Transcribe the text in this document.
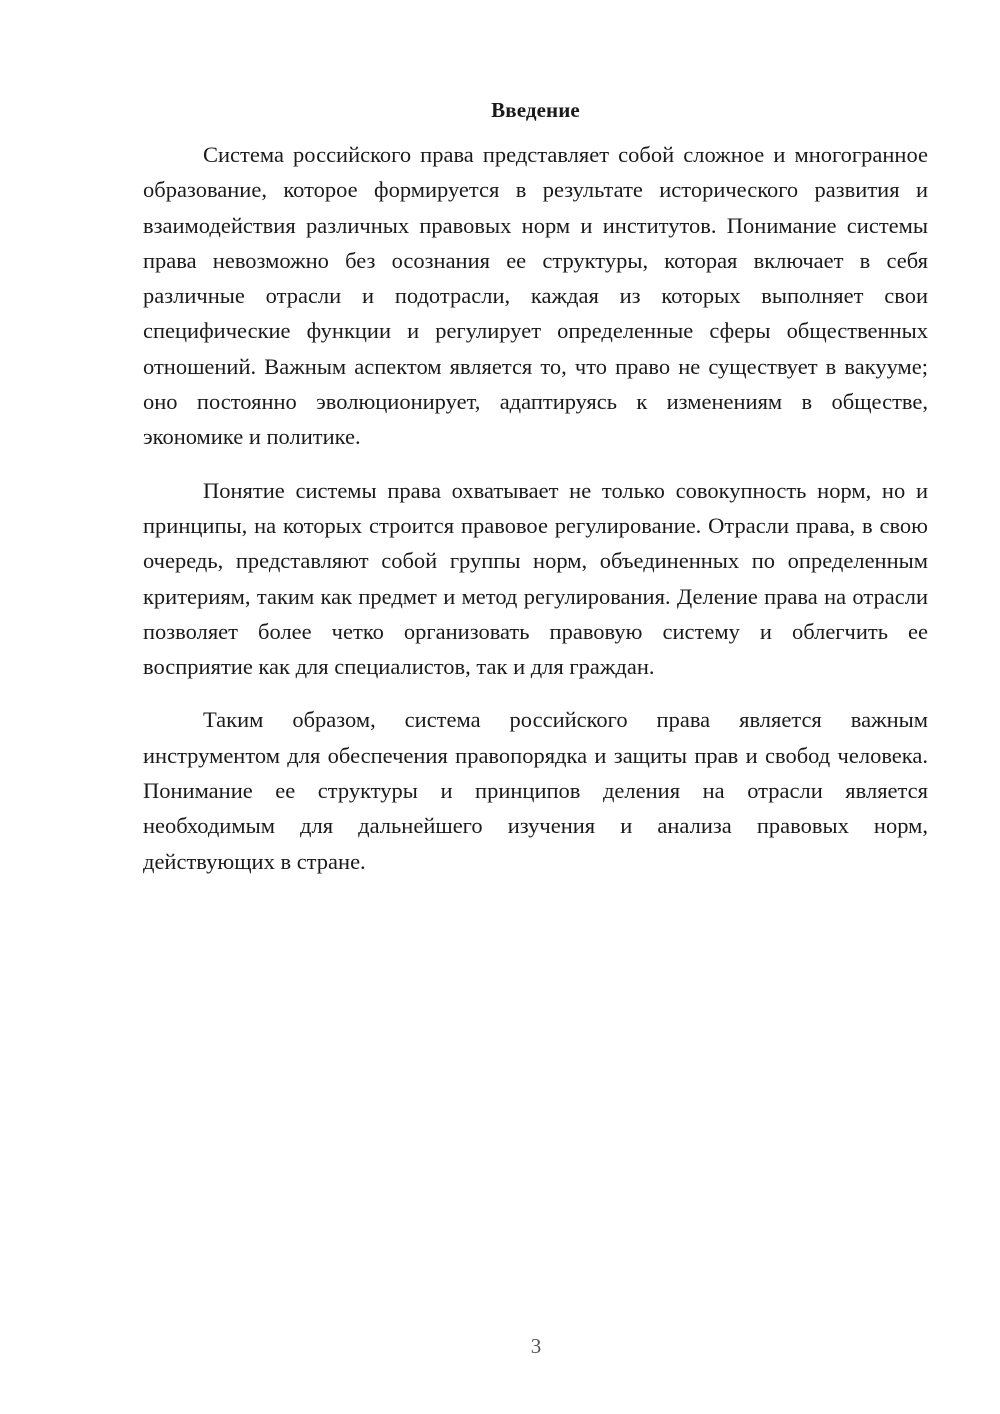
Введение

Система российского права представляет собой сложное и многогранное образование, которое формируется в результате исторического развития и взаимодействия различных правовых норм и институтов. Понимание системы права невозможно без осознания ее структуры, которая включает в себя различные отрасли и подотрасли, каждая из которых выполняет свои специфические функции и регулирует определенные сферы общественных отношений. Важным аспектом является то, что право не существует в вакууме; оно постоянно эволюционирует, адаптируясь к изменениям в обществе, экономике и политике.

Понятие системы права охватывает не только совокупность норм, но и принципы, на которых строится правовое регулирование. Отрасли права, в свою очередь, представляют собой группы норм, объединенных по определенным критериям, таким как предмет и метод регулирования. Деление права на отрасли позволяет более четко организовать правовую систему и облегчить ее восприятие как для специалистов, так и для граждан.

Таким образом, система российского права является важным инструментом для обеспечения правопорядка и защиты прав и свобод человека. Понимание ее структуры и принципов деления на отрасли является необходимым для дальнейшего изучения и анализа правовых норм, действующих в стране.

3
